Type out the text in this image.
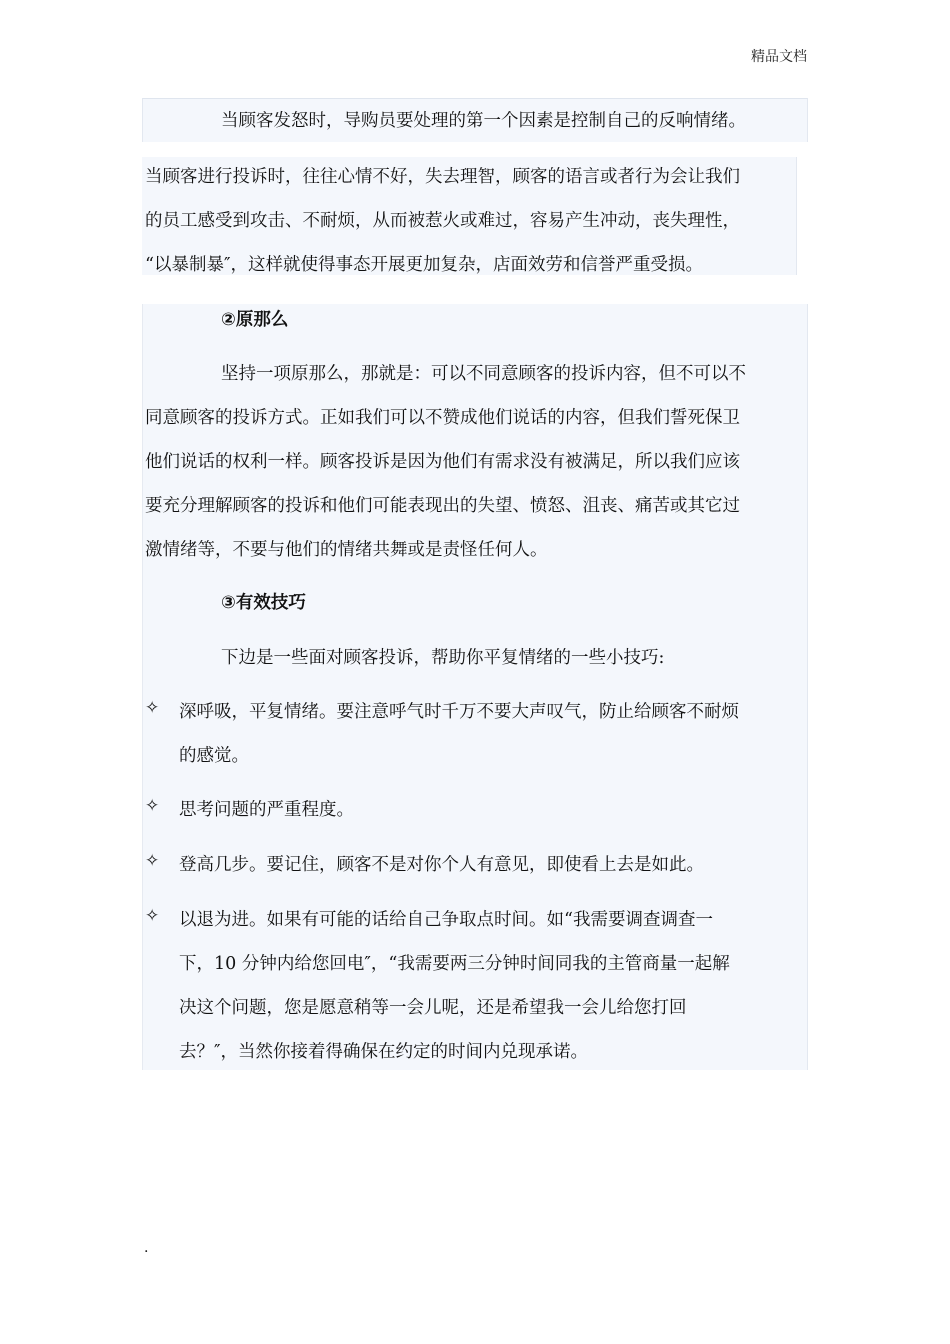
精品文档

当顾客发怒时，导购员要处理的第一个因素是控制自己的反响情绪。

当顾客进行投诉时，往往心情不好，失去理智，顾客的语言或者行为会让我们
的员工感受到攻击、不耐烦，从而被惹火或难过，容易产生冲动，丧失理性，
“以暴制暴″，这样就使得事态开展更加复杂，店面效劳和信誉严重受损。
②原那么
坚持一项原那么，那就是：可以不同意顾客的投诉内容，但不可以不
同意顾客的投诉方式。正如我们可以不赞成他们说话的内容，但我们誓死保卫
他们说话的权利一样。顾客投诉是因为他们有需求没有被满足，所以我们应该
要充分理解顾客的投诉和他们可能表现出的失望、愤怒、沮丧、痛苦或其它过
激情绪等，不要与他们的情绪共舞或是责怪任何人。
③有效技巧
下边是一些面对顾客投诉，帮助你平复情绪的一些小技巧:
✧ 深呼吸，平复情绪。要注意呼气时千万不要大声叹气，防止给顾客不耐烦
的感觉。
✧ 思考问题的严重程度。
✧ 登高几步。要记住，顾客不是对你个人有意见，即使看上去是如此。
✧ 以退为进。如果有可能的话给自己争取点时间。如“我需要调查调查一
下，10 分钟内给您回电″，“我需要两三分钟时间同我的主管商量一起解
决这个问题，您是愿意稍等一会儿呢，还是希望我一会儿给您打回
去？″，当然你接着得确保在约定的时间内兑现承诺。
.
